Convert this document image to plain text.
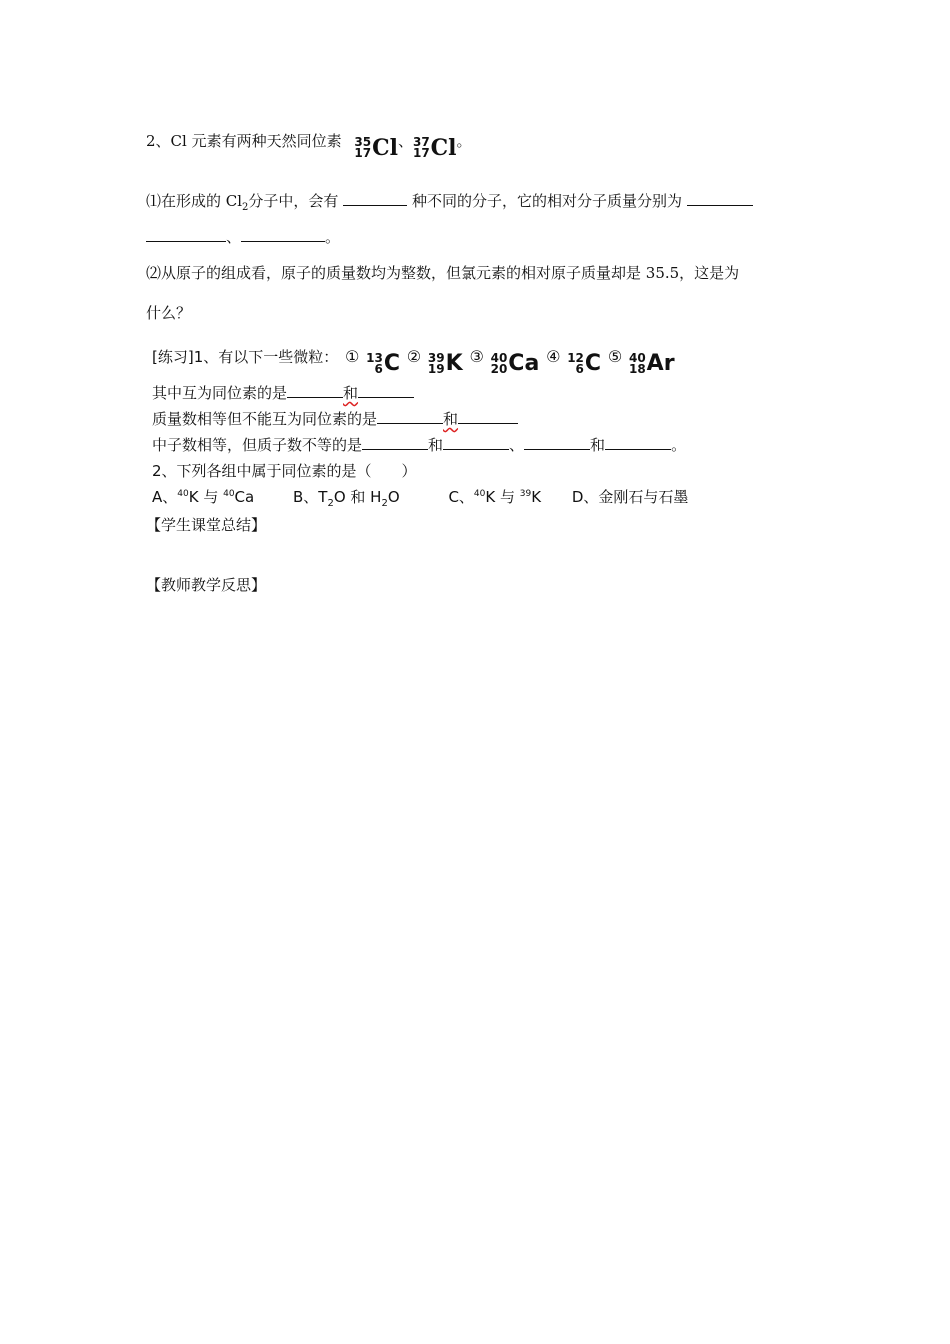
2、Cl 元素有两种天然同位素 35
17 Cl 、 37
17 Cl 。
⑴在形成的 $Cl_2$分子中，会有	种不同的分子，它的相对分子质量分别为
、	。
⑵从原子的组成看，原子的质量数均为整数，但氯元素的相对原子质量却是 35.5，这是为
什么？
[练习]1、有以下一些微粒： ① 13
6 C ② 39
19 K ③ 40
20 Ca ④ 12
6 C ⑤ 40
18 Ar
其中互为同位素的是	和
质量数相等但不能互为同位素的是	和
中子数相等，但质子数不等的是	和	、	和	。
2、下列各组中属于同位素的是（　　）
A、$^{40}$K 与 $^{40}$Ca	B、$T_2O$ 和 $H_2O$	C、$^{40}$K 与 $^{39}$K D、金刚石与石墨
【学生课堂总结】
【教师教学反思】
